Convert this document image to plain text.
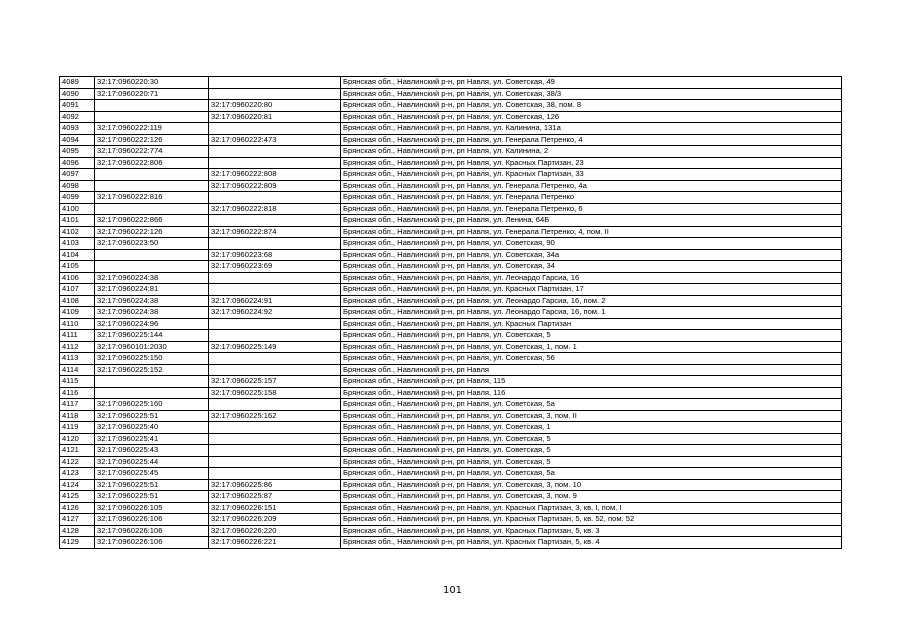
4089	32:17:0960220:30		Брянская обл., Навлинский р-н, рп Навля, ул. Советская, 49
4090	32:17:0960220:71		Брянская обл., Навлинский р-н, рп Навля, ул. Советская, 38/3
4091		32:17:0960220:80	Брянская обл., Навлинский р-н, рп Навля, ул. Советская, 38, пом. 8
4092		32:17:0960220:81	Брянская обл., Навлинский р-н, рп Навля, ул. Советская, 126
4093	32:17:0960222:119		Брянская обл., Навлинский р-н, рп Навля, ул. Калинина, 131а
4094	32:17:0960222:126	32:17:0960222:473	Брянская обл., Навлинский р-н, рп Навля, ул. Генерала Петренко, 4
4095	32:17:0960222:774		Брянская обл., Навлинский р-н, рп Навля, ул. Калинина, 2
4096	32:17:0960222:806		Брянская обл., Навлинский р-н, рп Навля, ул. Красных Партизан, 23
4097		32:17:0960222:808	Брянская обл., Навлинский р-н, рп Навля, ул. Красных Партизан, 33
4098		32:17:0960222:809	Брянская обл., Навлинский р-н, рп Навля, ул. Генерала Петренко, 4а
4099	32:17:0960222:816		Брянская обл., Навлинский р-н, рп Навля, ул. Генерала Петренко
4100		32:17:0960222:818	Брянская обл., Навлинский р-н, рп Навля, ул. Генерала Петренко, 6
4101	32:17:0960222:866		Брянская обл., Навлинский р-н, рп Навля, ул. Ленина, 64Б
4102	32:17:0960222:126	32:17:0960222:874	Брянская обл., Навлинский р-н, рп Навля, ул. Генерала Петренко, 4, пом. II
4103	32:17:0960223:50		Брянская обл., Навлинский р-н, рп Навля, ул. Советская, 90
4104		32:17:0960223:68	Брянская обл., Навлинский р-н, рп Навля, ул. Советская, 34а
4105		32:17:0960223:69	Брянская обл., Навлинский р-н, рп Навля, ул. Советская, 34
4106	32:17:0960224:38		Брянская обл., Навлинский р-н, рп Навля, ул. Леонардо Гарсиа, 16
4107	32:17:0960224:81		Брянская обл., Навлинский р-н, рп Навля, ул. Красных Партизан, 17
4108	32:17:0960224:38	32:17:0960224:91	Брянская обл., Навлинский р-н, рп Навля, ул. Леонардо Гарсиа, 16, пом. 2
4109	32:17:0960224:38	32:17:0960224:92	Брянская обл., Навлинский р-н, рп Навля, ул. Леонардо Гарсиа, 16, пом. 1
4110	32:17:0960224:96		Брянская обл., Навлинский р-н, рп Навля, ул. Красных Партизан
4111	32:17:0960225:144		Брянская обл., Навлинский р-н, рп Навля, ул. Советская, 5
4112	32:17:0960101:2030	32:17:0960225:149	Брянская обл., Навлинский р-н, рп Навля, ул. Советская, 1, пом. 1
4113	32:17:0960225:150		Брянская обл., Навлинский р-н, рп Навля, ул. Советская, 56
4114	32:17:0960225:152		Брянская обл., Навлинский р-н, рп Навля
4115		32:17:0960225:157	Брянская обл., Навлинский р-н, рп Навля, 115
4116		32:17:0960225:158	Брянская обл., Навлинский р-н, рп Навля, 116
4117	32:17:0960225:160		Брянская обл., Навлинский р-н, рп Навля, ул. Советская, 5а
4118	32:17:0960225:51	32:17:0960225:162	Брянская обл., Навлинский р-н, рп Навля, ул. Советская, 3, пом. II
4119	32:17:0960225:40		Брянская обл., Навлинский р-н, рп Навля, ул. Советская, 1
4120	32:17:0960225:41		Брянская обл., Навлинский р-н, рп Навля, ул. Советская, 5
4121	32:17:0960225:43		Брянская обл., Навлинский р-н, рп Навля, ул. Советская, 5
4122	32:17:0960225:44		Брянская обл., Навлинский р-н, рп Навля, ул. Советская, 5
4123	32:17:0960225:45		Брянская обл., Навлинский р-н, рп Навля, ул. Советская, 5а
4124	32:17:0960225:51	32:17:0960225:86	Брянская обл., Навлинский р-н, рп Навля, ул. Советская, 3, пом. 10
4125	32:17:0960225:51	32:17:0960225:87	Брянская обл., Навлинский р-н, рп Навля, ул. Советская, 3, пом. 9
4126	32:17:0960226:105	32:17:0960226:151	Брянская обл., Навлинский р-н, рп Навля, ул. Красных Партизан, 3, кв. I, пом. I
4127	32:17:0960226:106	32:17:0960226:209	Брянская обл., Навлинский р-н, рп Навля, ул. Красных Партизан, 5, кв. 52, пом. 52
4128	32:17:0960226:106	32:17:0960226:220	Брянская обл., Навлинский р-н, рп Навля, ул. Красных Партизан, 5, кв. 3
4129	32:17:0960226:106	32:17:0960226:221	Брянская обл., Навлинский р-н, рп Навля, ул. Красных Партизан, 5, кв. 4
101
